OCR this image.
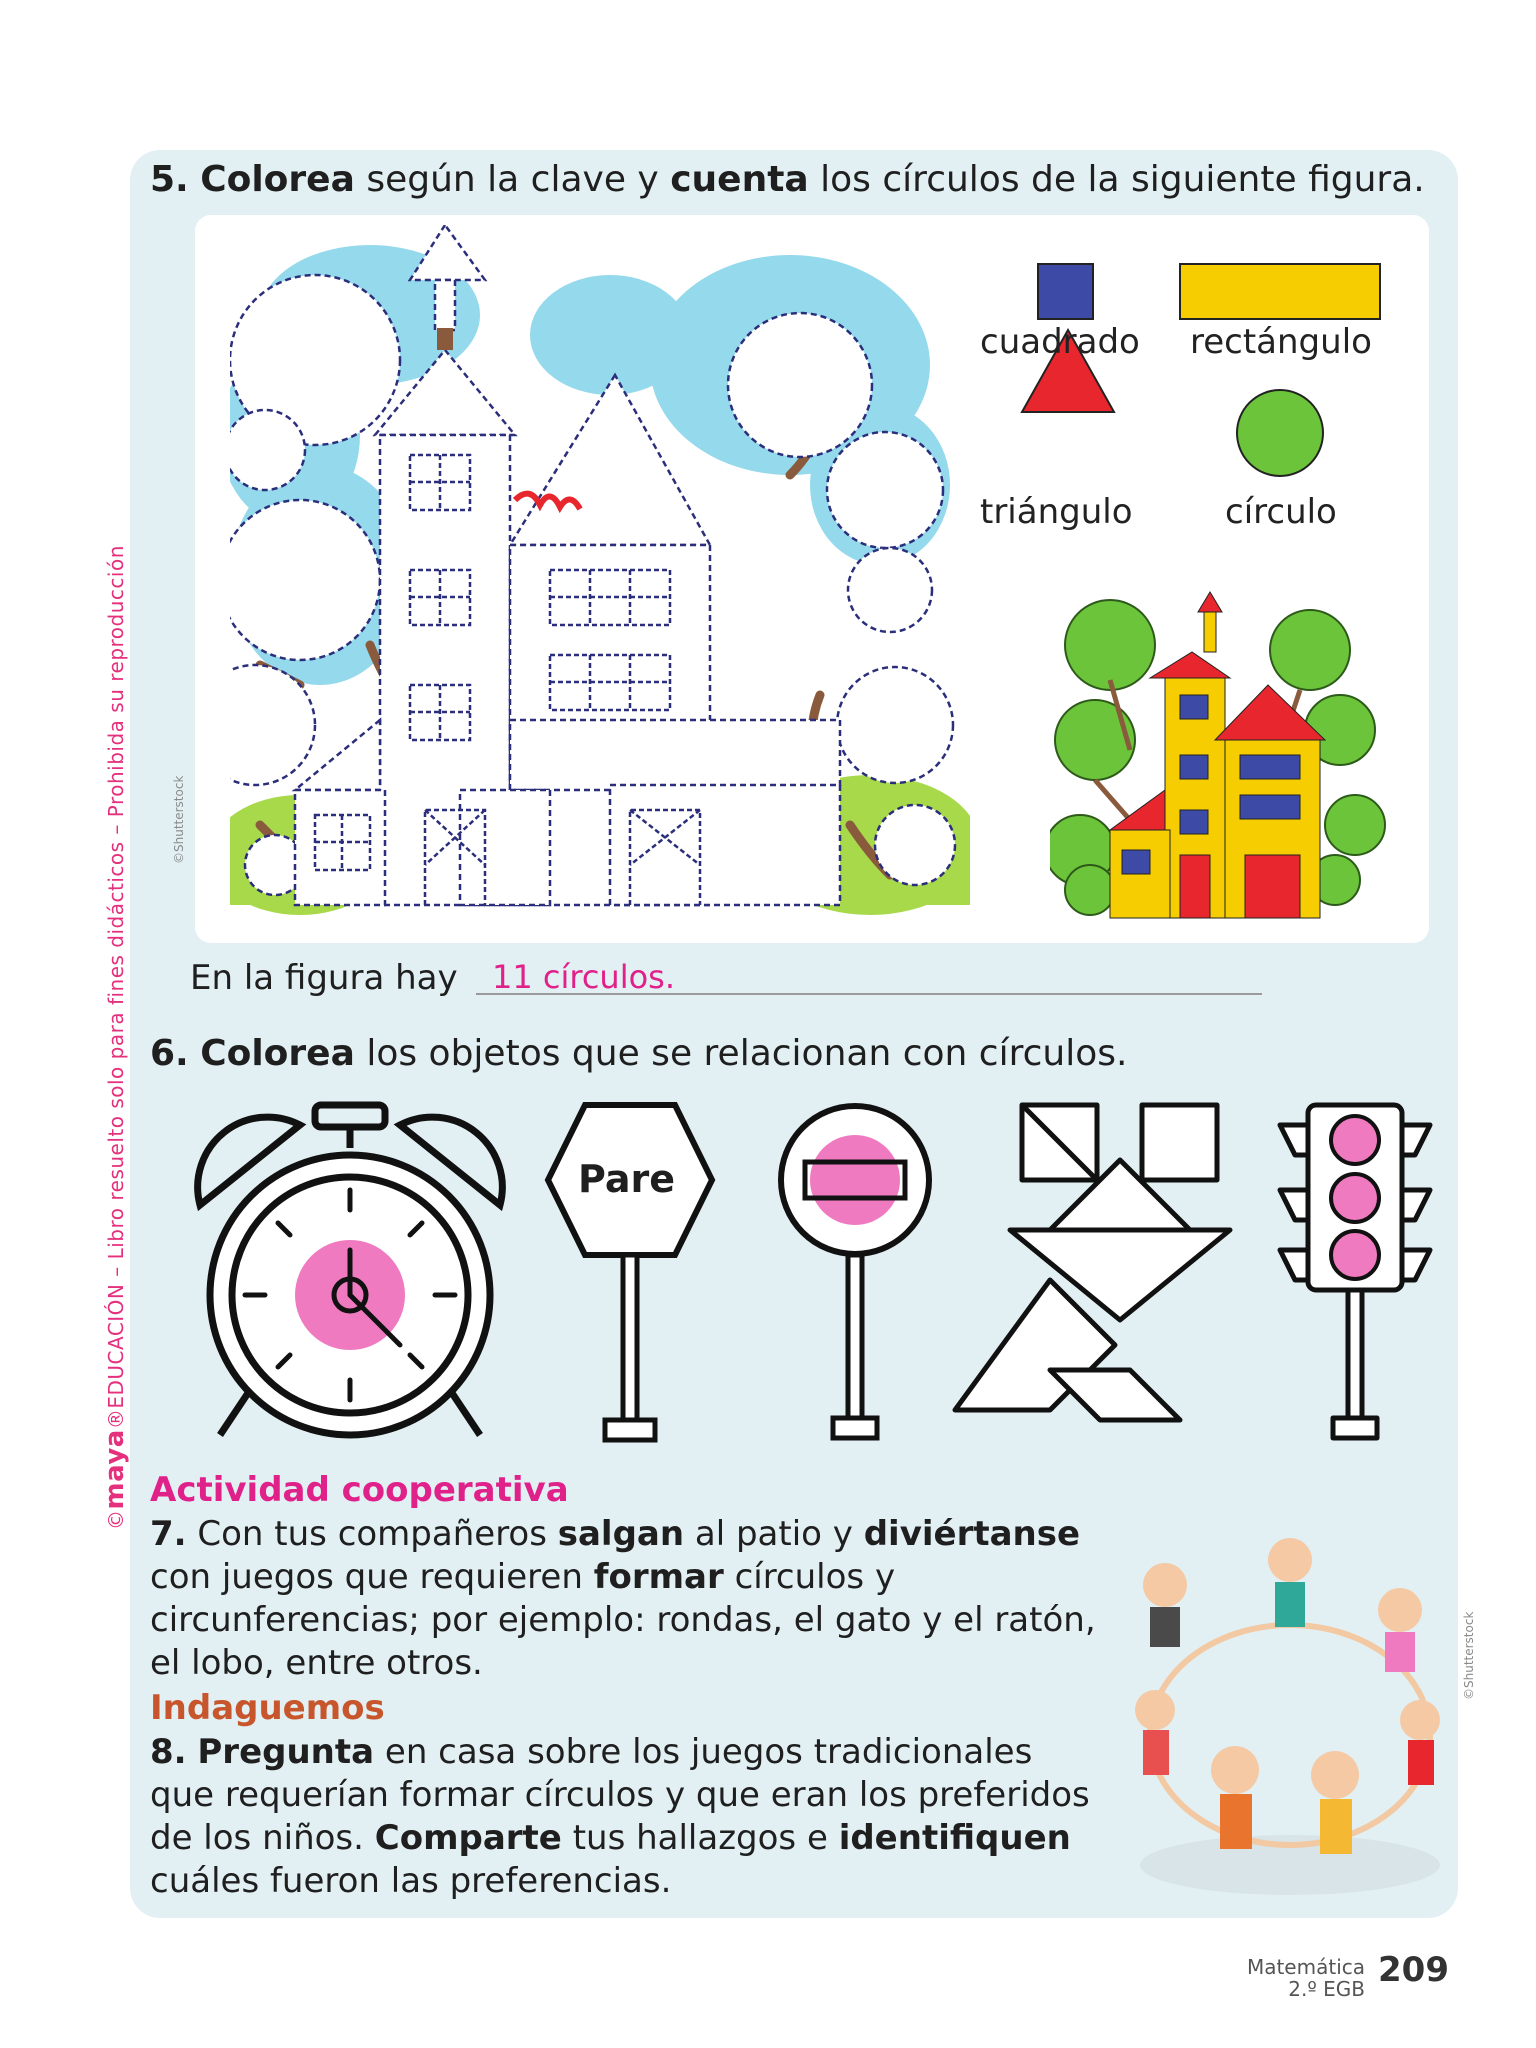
©maya®EDUCACIÓN – Libro resuelto solo para fines didácticos – Prohibida su reproducción
5. Colorea según la clave y cuenta los círculos de la siguiente figura.
©Shutterstock
cuadrado rectángulo
triángulo	círculo
En la figura hay 11 círculos.
6. Colorea los objetos que se relacionan con círculos.
Pare
Actividad cooperativa
7. Con tus compañeros salgan al patio y diviértanse con juegos que requieren formar círculos y circunferencias; por ejemplo: rondas, el gato y el ratón, el lobo, entre otros.
Indaguemos
8. Pregunta en casa sobre los juegos tradicionales que requerían formar círculos y que eran los preferidos de los niños. Comparte tus hallazgos e identifiquen cuáles fueron las preferencias.
©Shutterstock
Matemática
2.º EGB 209
